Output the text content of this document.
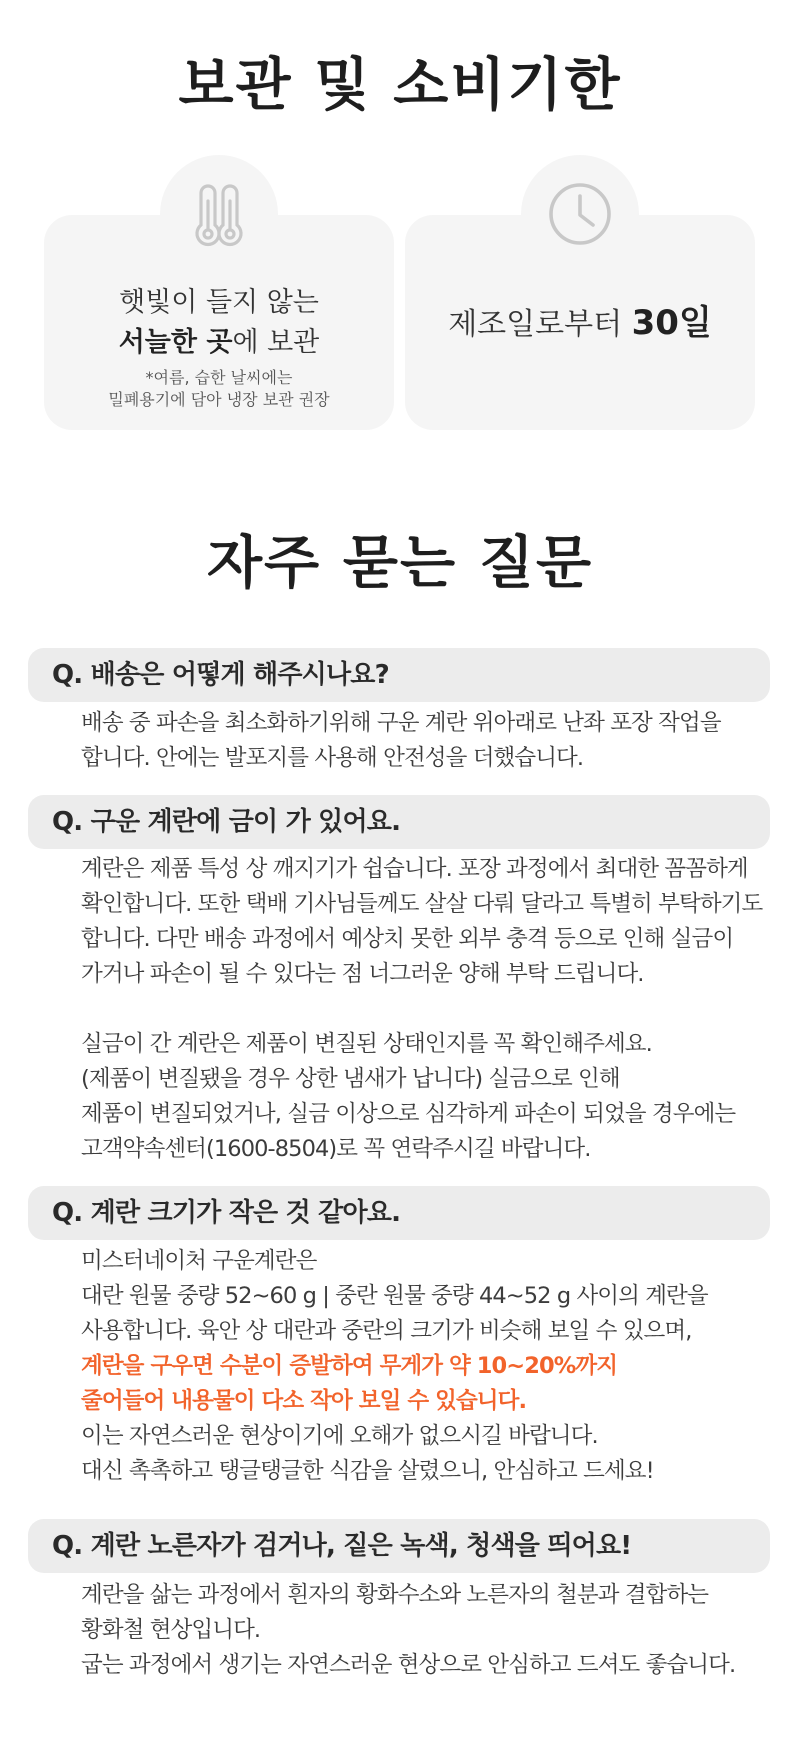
보관 및 소비기한
햇빛이 들지 않는
서늘한 곳에 보관
*여름, 습한 날씨에는
밀폐용기에 담아 냉장 보관 권장
제조일로부터 30일
자주 묻는 질문
Q. 배송은 어떻게 해주시나요?
배송 중 파손을 최소화하기위해 구운 계란 위아래로 난좌 포장 작업을
합니다. 안에는 발포지를 사용해 안전성을 더했습니다.
Q. 구운 계란에 금이 가 있어요.
계란은 제품 특성 상 깨지기가 쉽습니다. 포장 과정에서 최대한 꼼꼼하게
확인합니다. 또한 택배 기사님들께도 살살 다뤄 달라고 특별히 부탁하기도
합니다. 다만 배송 과정에서 예상치 못한 외부 충격 등으로 인해 실금이
가거나 파손이 될 수 있다는 점 너그러운 양해 부탁 드립니다.
실금이 간 계란은 제품이 변질된 상태인지를 꼭 확인해주세요.
(제품이 변질됐을 경우 상한 냄새가 납니다) 실금으로 인해
제품이 변질되었거나, 실금 이상으로 심각하게 파손이 되었을 경우에는
고객약속센터(1600-8504)로 꼭 연락주시길 바랍니다.
Q. 계란 크기가 작은 것 같아요.
미스터네이처 구운계란은
대란 원물 중량 52~60 g | 중란 원물 중량 44~52 g 사이의 계란을
사용합니다. 육안 상 대란과 중란의 크기가 비슷해 보일 수 있으며,
계란을 구우면 수분이 증발하여 무게가 약 10~20%까지
줄어들어 내용물이 다소 작아 보일 수 있습니다.
이는 자연스러운 현상이기에 오해가 없으시길 바랍니다.
대신 촉촉하고 탱글탱글한 식감을 살렸으니, 안심하고 드세요!
Q. 계란 노른자가 검거나, 짙은 녹색, 청색을 띄어요!
계란을 삶는 과정에서 흰자의 황화수소와 노른자의 철분과 결합하는
황화철 현상입니다.
굽는 과정에서 생기는 자연스러운 현상으로 안심하고 드셔도 좋습니다.
